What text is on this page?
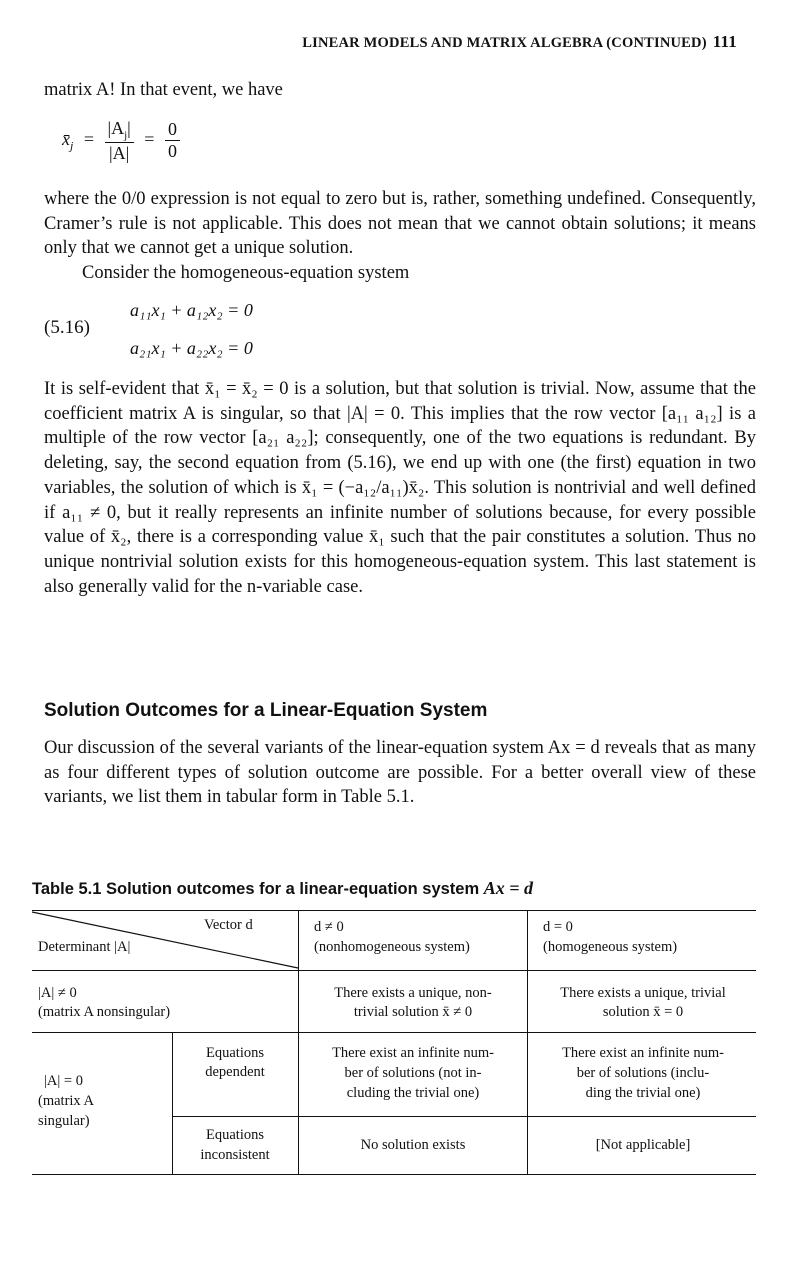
LINEAR MODELS AND MATRIX ALGEBRA (CONTINUED) 111
matrix A! In that event, we have
$x̄_j = \frac{|A_j|}{|A|} = \frac{0}{0}$
where the 0/0 expression is not equal to zero but is, rather, something undefined. Consequently, Cramer’s rule is not applicable. This does not mean that we cannot obtain solutions; it means only that we cannot get a unique solution.
Consider the homogeneous-equation system
(5.16)
a₁₁x₁ + a₁₂x₂ = 0
a₂₁x₁ + a₂₂x₂ = 0
It is self-evident that x̄₁ = x̄₂ = 0 is a solution, but that solution is trivial. Now, assume that the coefficient matrix A is singular, so that |A| = 0. This implies that the row vector [a₁₁ a₁₂] is a multiple of the row vector [a₂₁ a₂₂]; consequently, one of the two equations is redundant. By deleting, say, the second equation from (5.16), we end up with one (the first) equation in two variables, the solution of which is x̄₁ = (−a₁₂/a₁₁)x̄₂. This solution is nontrivial and well defined if a₁₁ ≠ 0, but it really represents an infinite number of solutions because, for every possible value of x̄₂, there is a corresponding value x̄₁ such that the pair constitutes a solution. Thus no unique nontrivial solution exists for this homogeneous-equation system. This last statement is also generally valid for the n-variable case.
Solution Outcomes for a Linear-Equation System
Our discussion of the several variants of the linear-equation system Ax = d reveals that as many as four different types of solution outcome are possible. For a better overall view of these variants, we list them in tabular form in Table 5.1.
Table 5.1 Solution outcomes for a linear-equation system Ax = d
Vector d
Determinant |A|
d ≠ 0
(nonhomogeneous system)
d = 0
(homogeneous system)
|A| ≠ 0
(matrix A nonsingular)
There exists a unique, non-
trivial solution x̄ ≠ 0
There exists a unique, trivial
solution x̄ = 0
|A| = 0
(matrix A
singular)
Equations
dependent
There exist an infinite num-
ber of solutions (not in-
cluding the trivial one)
There exist an infinite num-
ber of solutions (inclu-
ding the trivial one)
Equations
inconsistent
No solution exists	[Not applicable]
